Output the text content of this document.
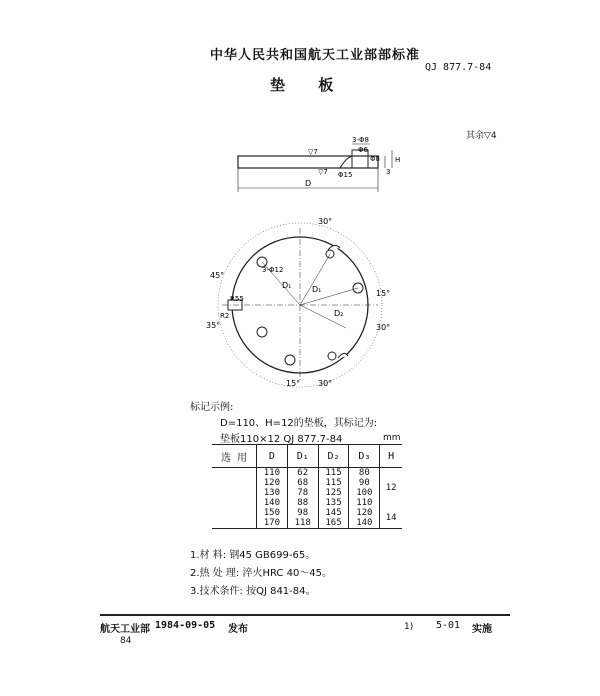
中华人民共和国航天工业部部标准
QJ 877.7-84
垫 板
其余▽4
3-Φ8
Φ6
Φ8
Φ15
▽7
▽7
H
3
D
30°
45°
3-Φ12
D₁	D₁
R55
R2	D₂
15°
35°	30°
15° 30°
标记示例:
D=110、H=12的垫板，其标记为:
垫板110×12 QJ 877.7-84	mm
选 用	D	D₁	D₂	D₃	H
	110	62	115	80	12
	120	68	115	90	
	130	78	125	100	
	140	88	135	110	
	150	98	145	120	14
	170	118	165	140	
1.材 料: 钢45 GB699-65。
2.热 处 理: 淬火HRC 40～45。
3.技术条件: 按QJ 841-84。
航天工业部 1984-09-05 发布	1) 5-01 实施
84
